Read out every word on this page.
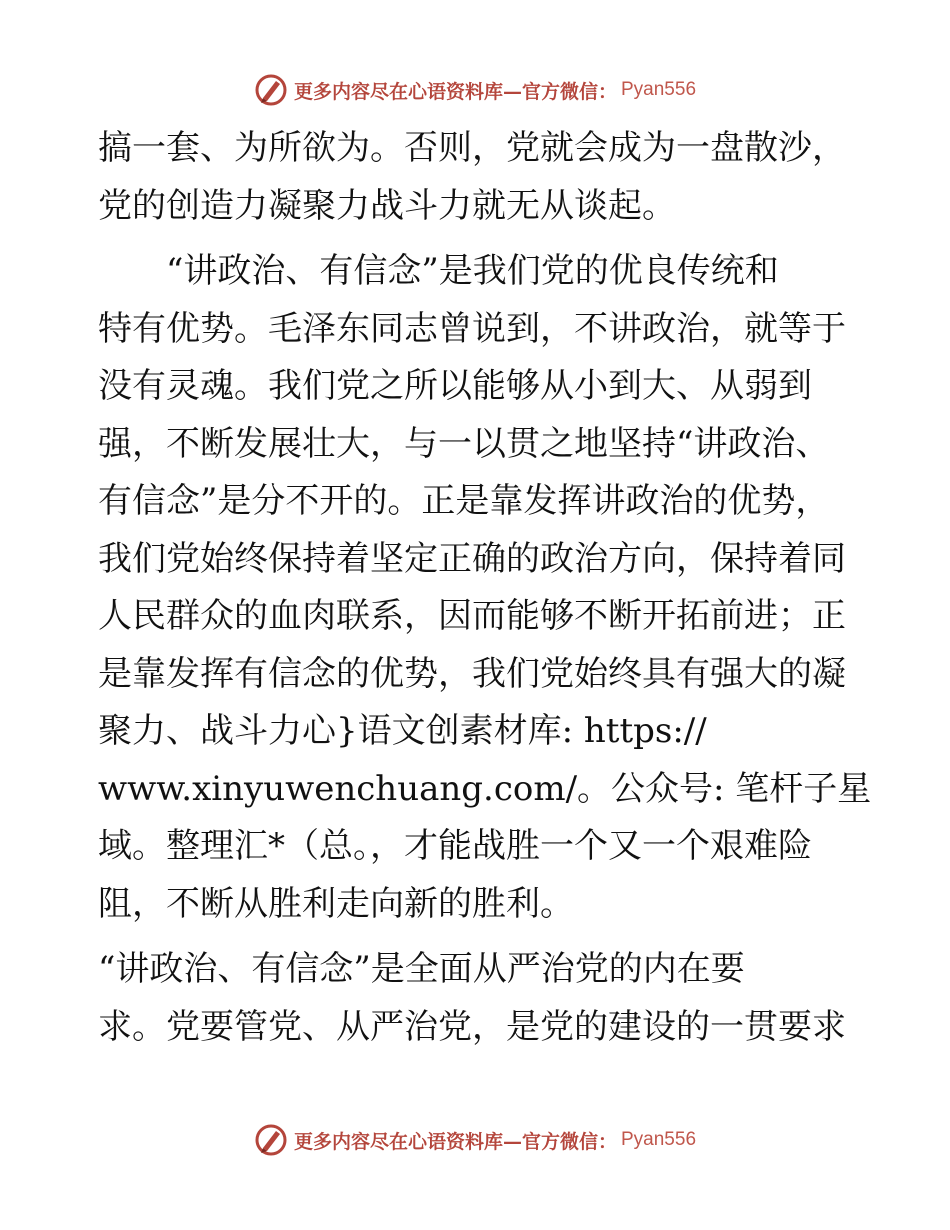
更多内容尽在心语资料库—官方微信： Pyan556
搞一套、为所欲为。否则，党就会成为一盘散沙，
党的创造力凝聚力战斗力就无从谈起。
　　“讲政治、有信念”是我们党的优良传统和
特有优势。毛泽东同志曾说到，不讲政治，就等于
没有灵魂。我们党之所以能够从小到大、从弱到
强，不断发展壮大，与一以贯之地坚持“讲政治、
有信念”是分不开的。正是靠发挥讲政治的优势，
我们党始终保持着坚定正确的政治方向，保持着同
人民群众的血肉联系，因而能够不断开拓前进；正
是靠发挥有信念的优势，我们党始终具有强大的凝
聚力、战斗力心}语文创素材库: https://
www.xinyuwenchuang.com/。公众号: 笔杆子星
域。整理汇*（总。，才能战胜一个又一个艰难险
阻，不断从胜利走向新的胜利。
“讲政治、有信念”是全面从严治党的内在要
求。党要管党、从严治党，是党的建设的一贯要求
更多内容尽在心语资料库—官方微信： Pyan556
